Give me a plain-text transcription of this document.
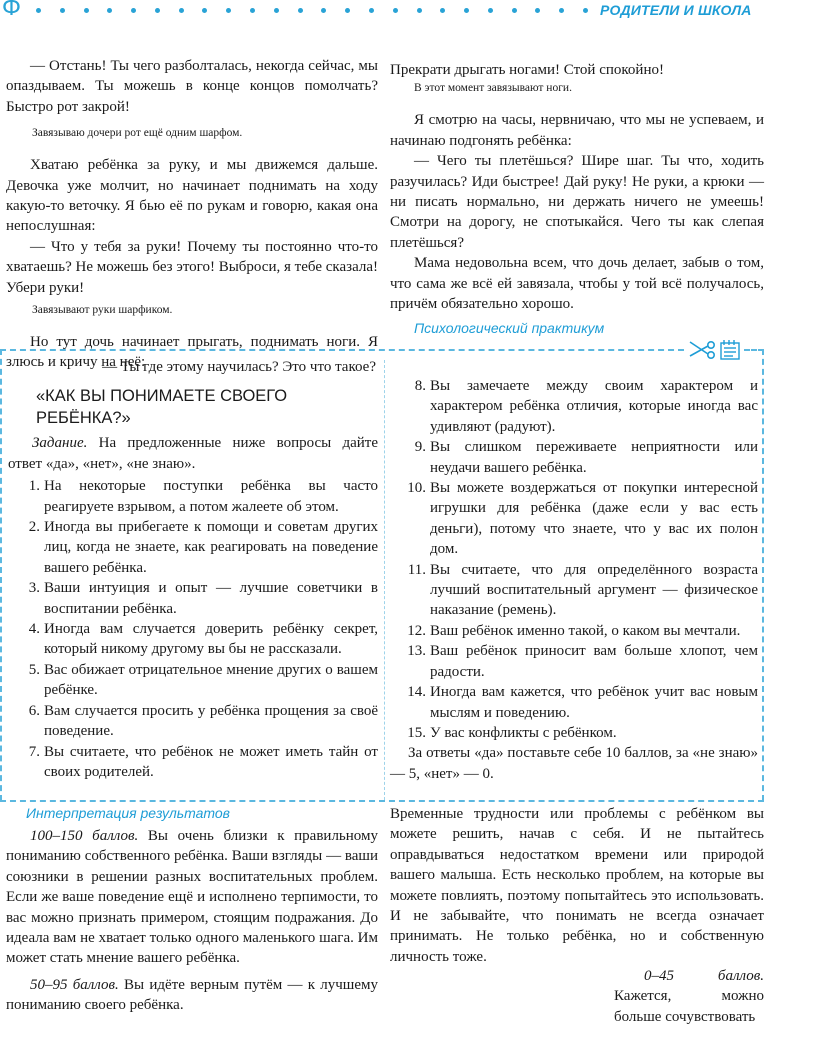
Ф	РОДИТЕЛИ И ШКОЛА

— Отстань! Ты чего разболталась, некогда сейчас, мы опаздываем. Ты можешь в конце концов помолчать? Быстро рот закрой!

Завязываю дочери рот ещё одним шарфом.

Хватаю ребёнка за руку, и мы движемся дальше. Девочка уже молчит, но начинает поднимать на ходу какую-то веточку. Я бью её по рукам и говорю, какая она непослушная:

— Что у тебя за руки! Почему ты постоянно что-то хватаешь? Не можешь без этого! Выброси, я тебе сказала! Убери руки!

Завязывают руки шарфиком.

Но тут дочь начинает прыгать, поднимать ноги. Я злюсь и кричу на неё:

Прекрати дрыгать ногами! Стой спокойно!

В этот момент завязывают ноги.

Я смотрю на часы, нервничаю, что мы не успеваем, и начинаю подгонять ребёнка:

— Чего ты плетёшься? Шире шаг. Ты что, ходить разучилась? Иди быстрее! Дай руку! Не руки, а крюки — ни писать нормально, ни держать ничего не умеешь! Смотри на дорогу, не спотыкайся. Чего ты как слепая плетёшься?

Мама недовольна всем, что дочь делает, забыв о том, что сама же всё ей завязала, чтобы у той всё получалось, причём обязательно хорошо.

Психологический практикум

— Ты где этому научилась? Это что такое?

«КАК ВЫ ПОНИМАЕТЕ СВОЕГО РЕБЁНКА?»

Задание. На предложенные ниже вопросы дайте ответ «да», «нет», «не знаю».

1. На некоторые поступки ребёнка вы часто реагируете взрывом, а потом жалеете об этом.
2. Иногда вы прибегаете к помощи и советам других лиц, когда не знаете, как реагировать на поведение вашего ребёнка.
3. Ваши интуиция и опыт — лучшие советчики в воспитании ребёнка.
4. Иногда вам случается доверить ребёнку секрет, который никому другому вы бы не рассказали.
5. Вас обижает отрицательное мнение других о вашем ребёнке.
6. Вам случается просить у ребёнка прощения за своё поведение.
7. Вы считаете, что ребёнок не может иметь тайн от своих родителей.
8. Вы замечаете между своим характером и характером ребёнка отличия, которые иногда вас удивляют (радуют).
9. Вы слишком переживаете неприятности или неудачи вашего ребёнка.
10. Вы можете воздержаться от покупки интересной игрушки для ребёнка (даже если у вас есть деньги), потому что знаете, что у вас их полон дом.
11. Вы считаете, что для определённого возраста лучший воспитательный аргумент — физическое наказание (ремень).
12. Ваш ребёнок именно такой, о каком вы мечтали.
13. Ваш ребёнок приносит вам больше хлопот, чем радости.
14. Иногда вам кажется, что ребёнок учит вас новым мыслям и поведению.
15. У вас конфликты с ребёнком.

За ответы «да» поставьте себе 10 баллов, за «не знаю» — 5, «нет» — 0.

Интерпретация результатов

100–150 баллов. Вы очень близки к правильному пониманию собственного ребёнка. Ваши взгляды — ваши союзники в решении разных воспитательных проблем. Если же ваше поведение ещё и исполнено терпимости, то вас можно признать примером, стоящим подражания. До идеала вам не хватает только одного маленького шага. Им может стать мнение вашего ребёнка.

50–95 баллов. Вы идёте верным путём — к лучшему пониманию своего ребёнка.

Временные трудности или проблемы с ребёнком вы можете решить, начав с себя. И не пытайтесь оправдываться недостатком времени или природой вашего малыша. Есть несколько проблем, на которые вы можете повлиять, поэтому попытайтесь это использовать. И не забывайте, что понимать не всегда означает принимать. Не только ребёнка, но и собственную личность тоже.

0–45 баллов.

Кажется, можно больше сочувствовать
